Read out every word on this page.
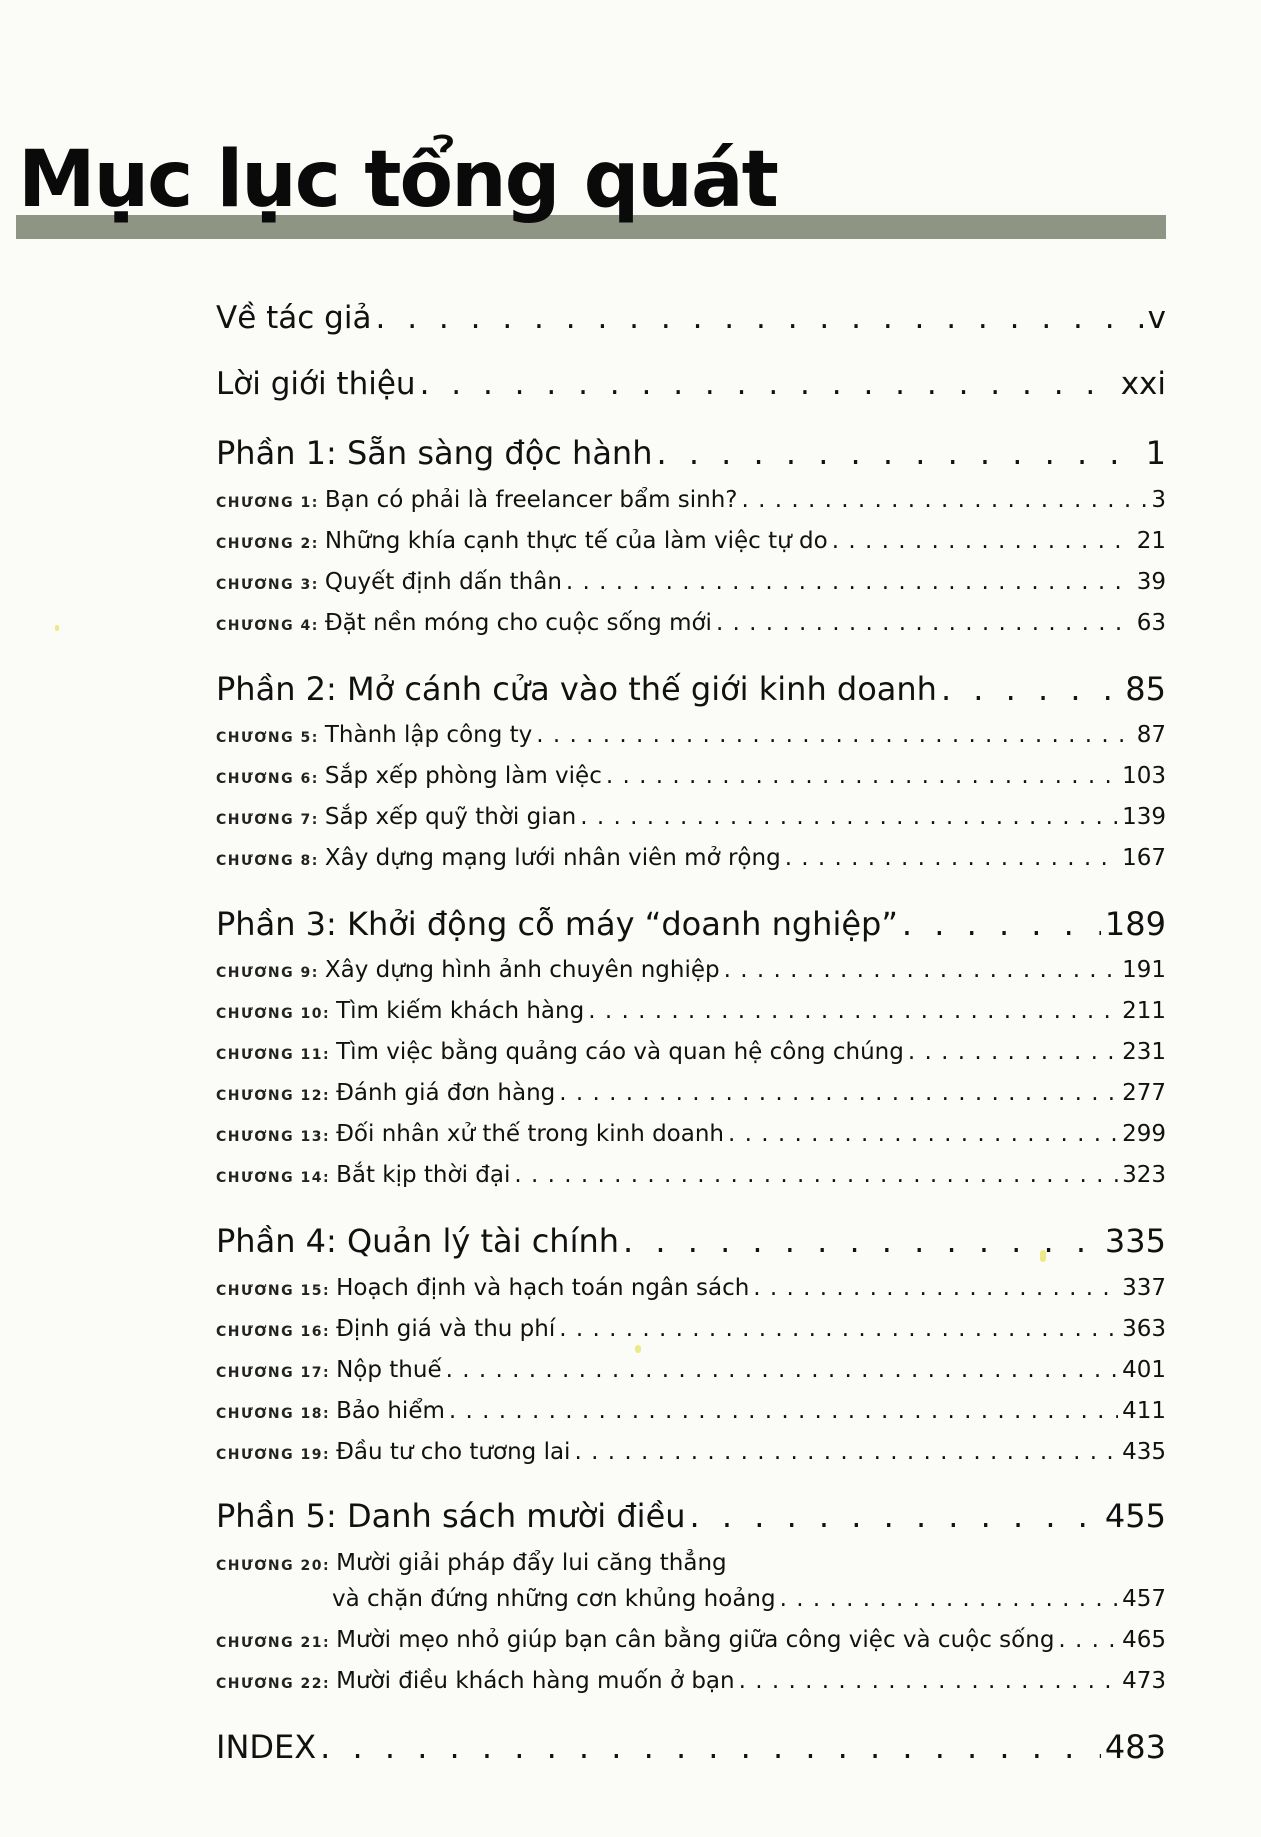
Mục lục tổng quát
Về tác giả . . .	v
Lời giới thiệu . . .	xxi
Phần 1: Sẵn sàng độc hành . . .	1
CHƯƠNG 1: Bạn có phải là freelancer bẩm sinh? . . .	3
CHƯƠNG 2: Những khía cạnh thực tế của làm việc tự do . . .	21
CHƯƠNG 3: Quyết định dấn thân . . .	39
CHƯƠNG 4: Đặt nền móng cho cuộc sống mới . . .	63
Phần 2: Mở cánh cửa vào thế giới kinh doanh . . .	85
CHƯƠNG 5: Thành lập công ty . . .	87
CHƯƠNG 6: Sắp xếp phòng làm việc . . .	103
CHƯƠNG 7: Sắp xếp quỹ thời gian . . .	139
CHƯƠNG 8: Xây dựng mạng lưới nhân viên mở rộng . . .	167
Phần 3: Khởi động cỗ máy “doanh nghiệp” . . .	189
CHƯƠNG 9: Xây dựng hình ảnh chuyên nghiệp . . .	191
CHƯƠNG 10: Tìm kiếm khách hàng . . .	211
CHƯƠNG 11: Tìm việc bằng quảng cáo và quan hệ công chúng . . .	231
CHƯƠNG 12: Đánh giá đơn hàng . . .	277
CHƯƠNG 13: Đối nhân xử thế trong kinh doanh . . .	299
CHƯƠNG 14: Bắt kịp thời đại . . .	323
Phần 4: Quản lý tài chính . . .	335
CHƯƠNG 15: Hoạch định và hạch toán ngân sách . . .	337
CHƯƠNG 16: Định giá và thu phí . . .	363
CHƯƠNG 17: Nộp thuế . . .	401
CHƯƠNG 18: Bảo hiểm . . .	411
CHƯƠNG 19: Đầu tư cho tương lai . . .	435
Phần 5: Danh sách mười điều . . .	455
CHƯƠNG 20: Mười giải pháp đẩy lui căng thẳng
và chặn đứng những cơn khủng hoảng . . .	457
CHƯƠNG 21: Mười mẹo nhỏ giúp bạn cân bằng giữa công việc và cuộc sống . . .	465
CHƯƠNG 22: Mười điều khách hàng muốn ở bạn . . .	473
INDEX . . .	483
